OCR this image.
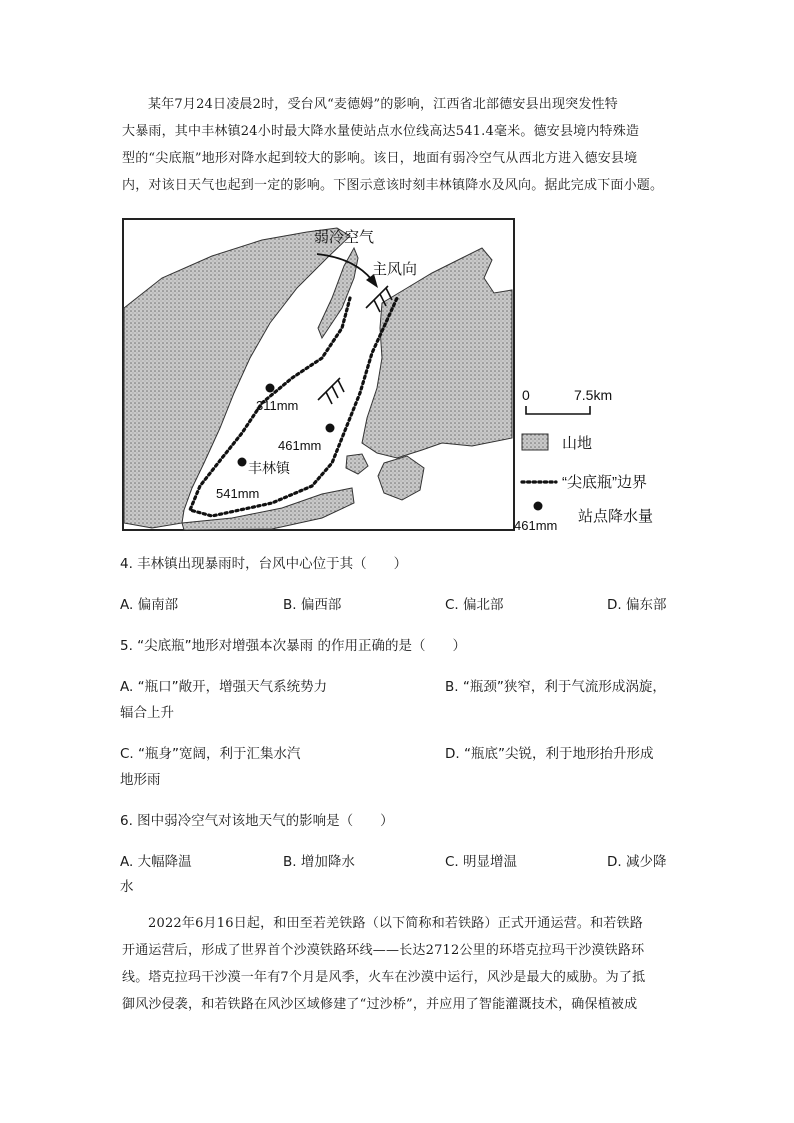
某年7月24日凌晨2时，受台风“麦德姆”的影响，江西省北部德安县出现突发性特
大暴雨，其中丰林镇24小时最大降水量使站点水位线高达541.4毫米。德安县境内特殊造
型的“尖底瓶”地形对降水起到较大的影响。该日，地面有弱冷空气从西北方进入德安县境
内，对该日天气也起到一定的影响。下图示意该时刻丰林镇降水及风向。据此完成下面小题。
弱冷空气
主风向
311mm
461mm
丰林镇
541mm
0	7.5km
山地
“尖底瓶”边界
461mm
站点降水量
4. 丰林镇出现暴雨时，台风中心位于其（　　）
A. 偏南部	B. 偏西部	C. 偏北部	D. 偏东部
5. “尖底瓶”地形对增强本次暴雨 的作用正确的是（　　）
A. “瓶口”敞开，增强天气系统势力	B. “瓶颈”狭窄，利于气流形成涡旋，
辐合上升
C. “瓶身”宽阔，利于汇集水汽	D. “瓶底”尖锐，利于地形抬升形成
地形雨
6. 图中弱冷空气对该地天气的影响是（　　）
A. 大幅降温	B. 增加降水	C. 明显增温	D. 减少降
水
2022年6月16日起，和田至若羌铁路（以下简称和若铁路）正式开通运营。和若铁路
开通运营后，形成了世界首个沙漠铁路环线——长达2712公里的环塔克拉玛干沙漠铁路环
线。塔克拉玛干沙漠一年有7个月是风季，火车在沙漠中运行，风沙是最大的威胁。为了抵
御风沙侵袭，和若铁路在风沙区域修建了“过沙桥”，并应用了智能灌溉技术，确保植被成
